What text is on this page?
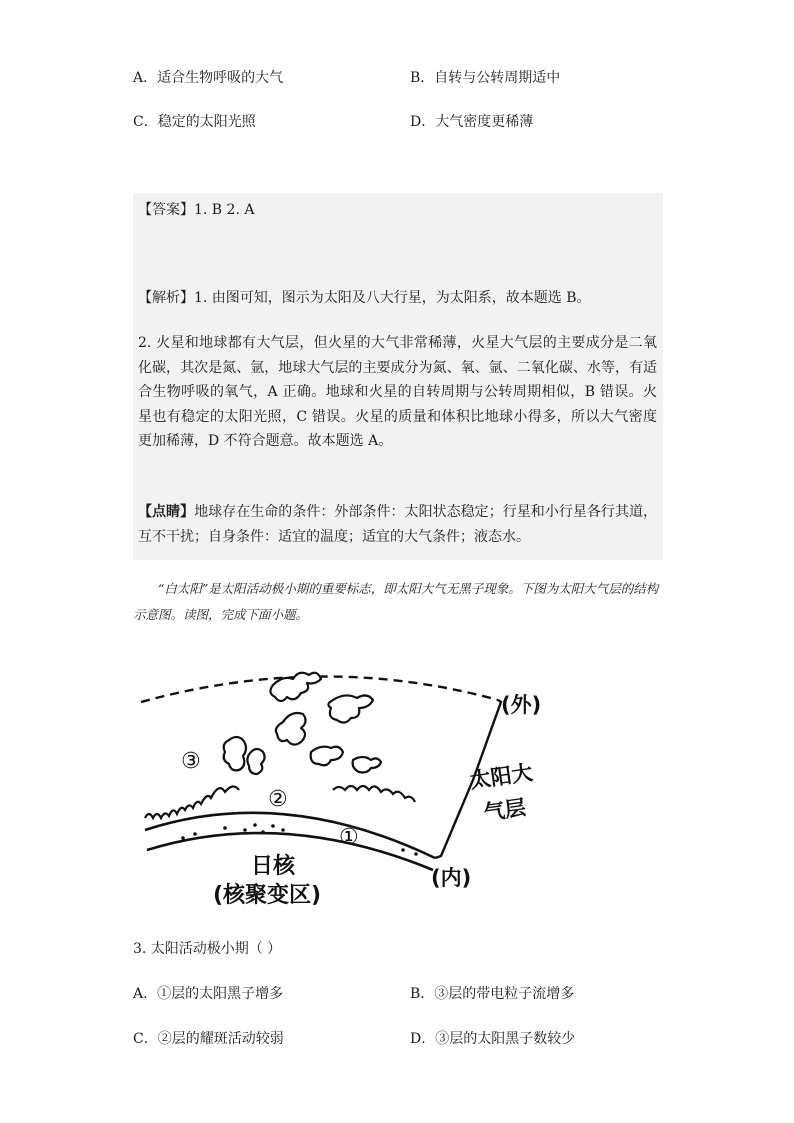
A．适合生物呼吸的大气	B．自转与公转周期适中
C．稳定的太阳光照	D．大气密度更稀薄
【答案】1. B 2. A
【解析】1. 由图可知，图示为太阳及八大行星，为太阳系，故本题选 B。
2. 火星和地球都有大气层，但火星的大气非常稀薄，火星大气层的主要成分是二氧化碳，其次是氮、氩，地球大气层的主要成分为氮、氧、氩、二氧化碳、水等，有适合生物呼吸的氧气，A 正确。地球和火星的自转周期与公转周期相似，B 错误。火星也有稳定的太阳光照，C 错误。火星的质量和体积比地球小得多，所以大气密度更加稀薄，D 不符合题意。故本题选 A。
【点睛】地球存在生命的条件：外部条件：太阳状态稳定；行星和小行星各行其道，互不干扰；自身条件：适宜的温度；适宜的大气条件；液态水。

“白太阳”是太阳活动极小期的重要标志，即太阳大气无黑子现象。下图为太阳大气层的结构示意图。读图，完成下面小题。

(外)
太阳大
气层
(内)
日核
(核聚变区)
①
②
③
3. 太阳活动极小期（ ）
A．①层的太阳黑子增多	B．③层的带电粒子流增多
C．②层的耀斑活动较弱	D．③层的太阳黑子数较少
